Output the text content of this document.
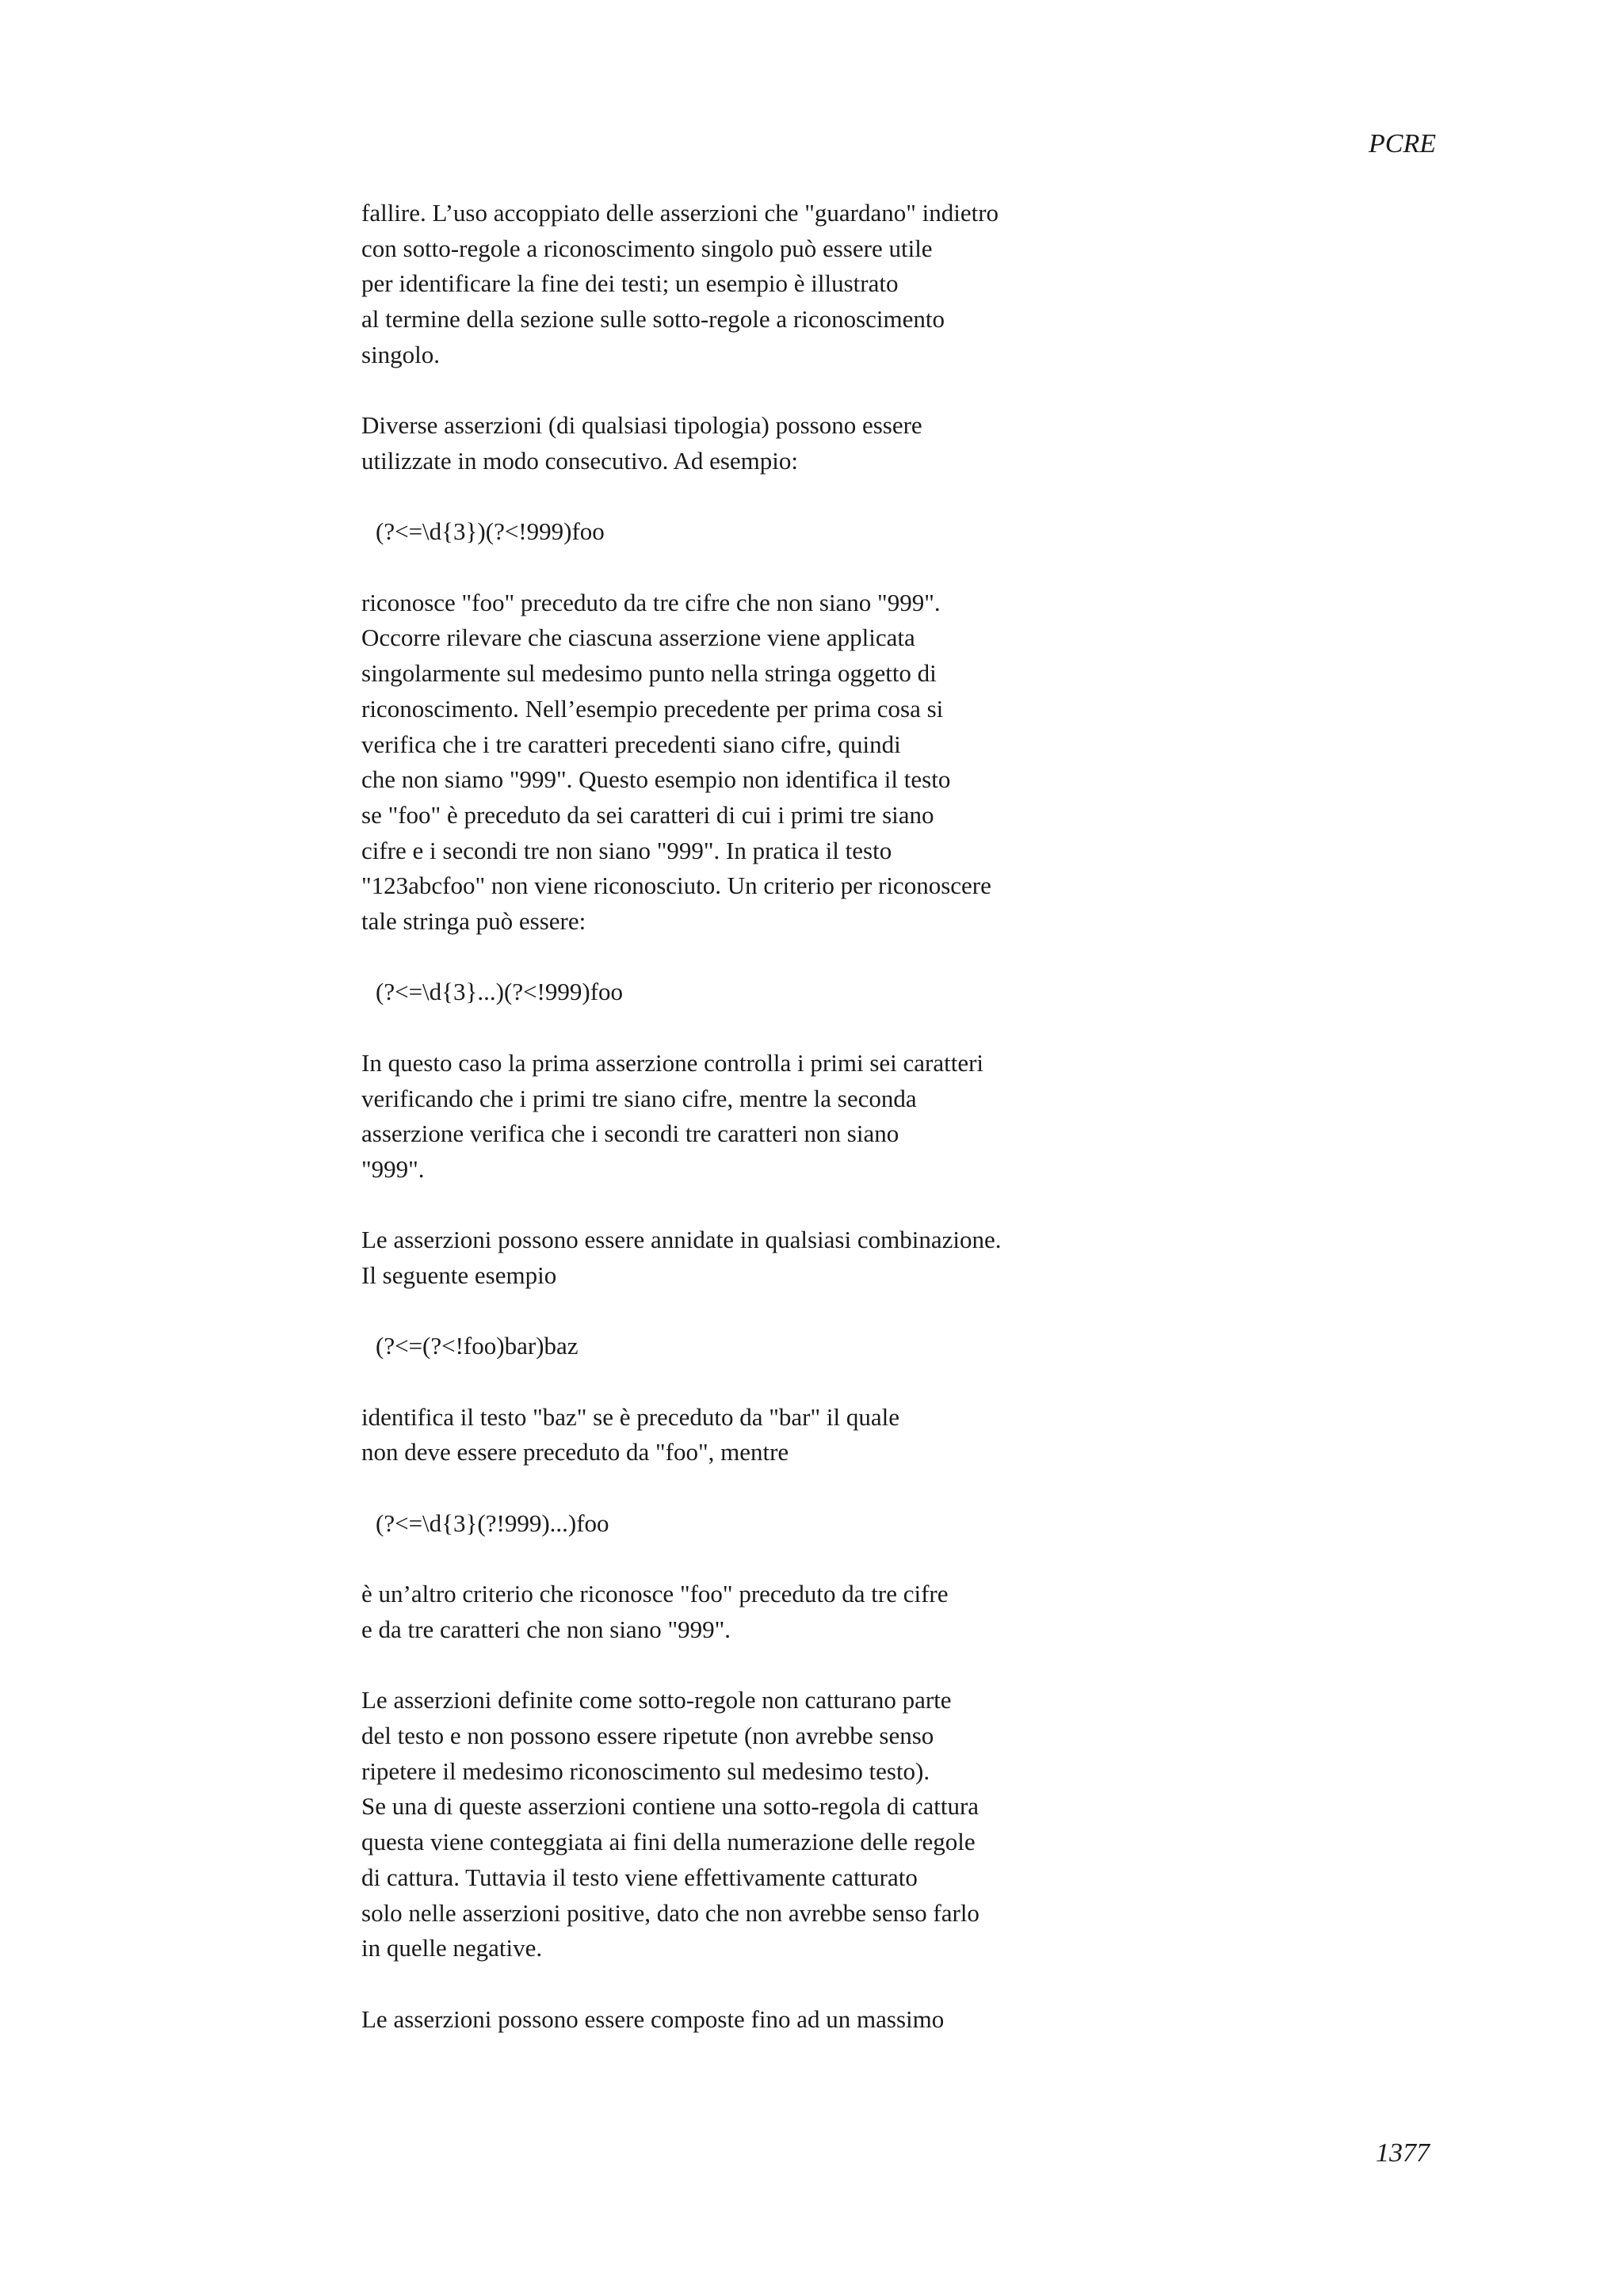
PCRE
fallire. L’uso accoppiato delle asserzioni che "guardano" indietro
con sotto-regole a riconoscimento singolo può essere utile
per identificare la fine dei testi; un esempio è illustrato
al termine della sezione sulle sotto-regole a riconoscimento
singolo.
Diverse asserzioni (di qualsiasi tipologia) possono essere
utilizzate in modo consecutivo. Ad esempio:
(?<=\d{3})(?<!999)foo
riconosce "foo" preceduto da tre cifre che non siano "999".
Occorre rilevare che ciascuna asserzione viene applicata
singolarmente sul medesimo punto nella stringa oggetto di
riconoscimento. Nell’esempio precedente per prima cosa si
verifica che i tre caratteri precedenti siano cifre, quindi
che non siamo "999". Questo esempio non identifica il testo
se "foo" è preceduto da sei caratteri di cui i primi tre siano
cifre e i secondi tre non siano "999". In pratica il testo
"123abcfoo" non viene riconosciuto. Un criterio per riconoscere
tale stringa può essere:
(?<=\d{3}...)(?<!999)foo
In questo caso la prima asserzione controlla i primi sei caratteri
verificando che i primi tre siano cifre, mentre la seconda
asserzione verifica che i secondi tre caratteri non siano
"999".
Le asserzioni possono essere annidate in qualsiasi combinazione.
Il seguente esempio
(?<=(?<!foo)bar)baz
identifica il testo "baz" se è preceduto da "bar" il quale
non deve essere preceduto da "foo", mentre
(?<=\d{3}(?!999)...)foo
è un’altro criterio che riconosce "foo" preceduto da tre cifre
e da tre caratteri che non siano "999".
Le asserzioni definite come sotto-regole non catturano parte
del testo e non possono essere ripetute (non avrebbe senso
ripetere il medesimo riconoscimento sul medesimo testo).
Se una di queste asserzioni contiene una sotto-regola di cattura
questa viene conteggiata ai fini della numerazione delle regole
di cattura. Tuttavia il testo viene effettivamente catturato
solo nelle asserzioni positive, dato che non avrebbe senso farlo
in quelle negative.
Le asserzioni possono essere composte fino ad un massimo
1377
